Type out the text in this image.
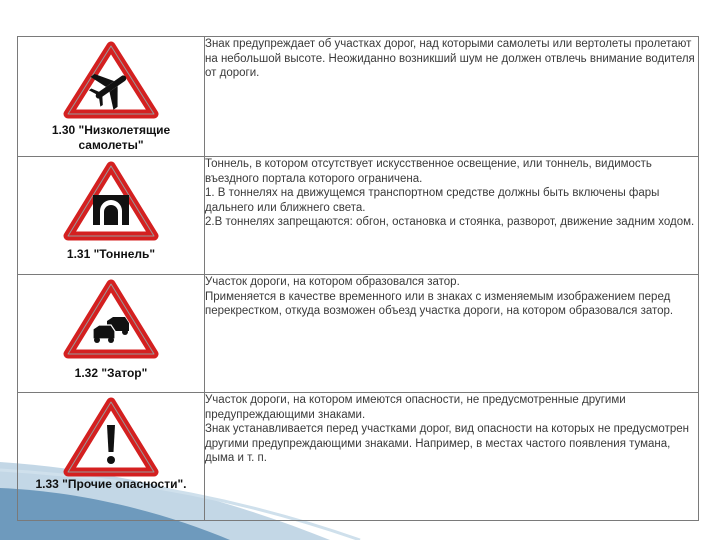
1.30 "Низколетящие самолеты"	Знак предупреждает об участках дорог, над которыми самолеты или вертолеты пролетают на небольшой высоте. Неожиданно возникший шум не должен отвлечь внимание водителя от дороги.

1.31 "Тоннель"	Тоннель, в котором отсутствует искусственное освещение, или тоннель, видимость въездного портала которого ограничена.

1. В тоннелях на движущемся транспортном средстве должны быть включены фары дальнего или ближнего света.

2.В тоннелях запрещаются: обгон, остановка и стоянка, разворот, движение задним ходом.

1.32 "Затор"	Участок дороги, на котором образовался затор.

Применяется в качестве временного или в знаках с изменяемым изображением перед перекрестком, откуда возможен объезд участка дороги, на котором образовался затор.

1.33 "Прочие опасности".	Участок дороги, на котором имеются опасности, не предусмотренные другими предупреждающими знаками.

Знак устанавливается перед участками дорог, вид опасности на которых не предусмотрен другими предупреждающими знаками. Например, в местах частого появления тумана, дыма и т. п.
